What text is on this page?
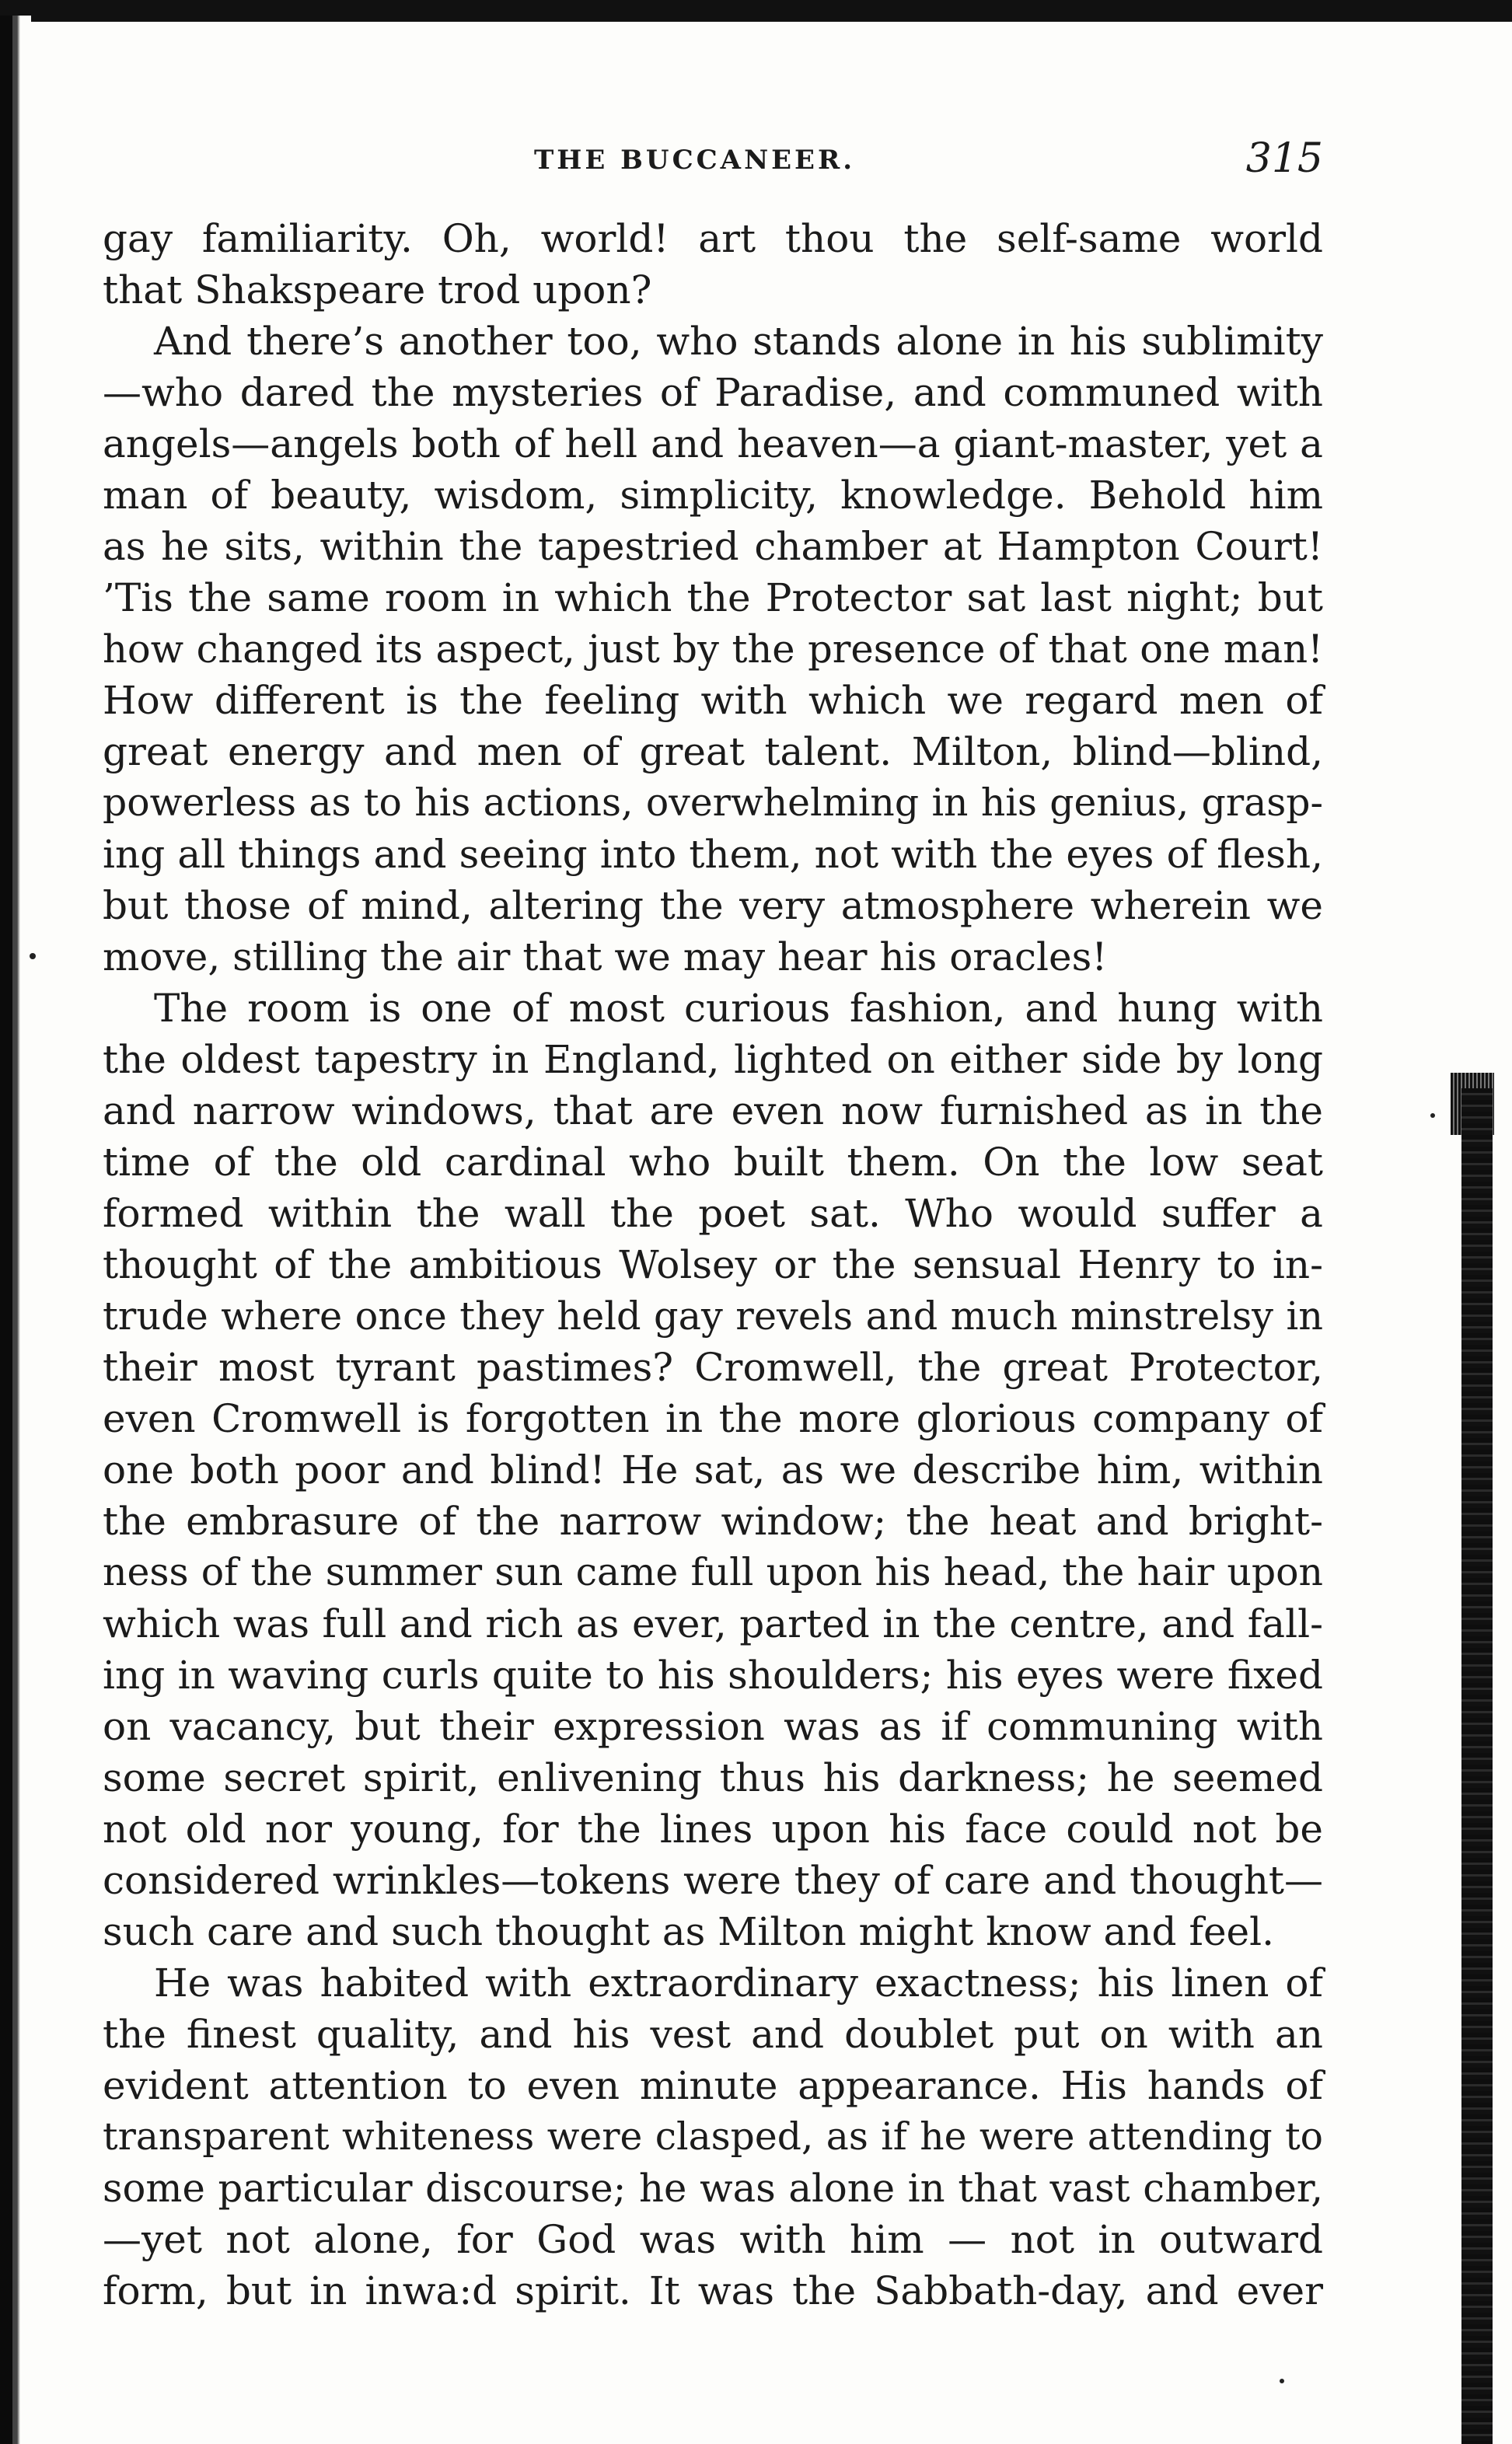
THE BUCCANEER.	315
gay familiarity. Oh, world! art thou the self-same world
that Shakspeare trod upon?
And there’s another too, who stands alone in his sublimity
—who dared the mysteries of Paradise, and communed with
angels—angels both of hell and heaven—a giant-master, yet a
man of beauty, wisdom, simplicity, knowledge. Behold him
as he sits, within the tapestried chamber at Hampton Court!
’Tis the same room in which the Protector sat last night; but
how changed its aspect, just by the presence of that one man!
How different is the feeling with which we regard men of
great energy and men of great talent. Milton, blind—blind,
powerless as to his actions, overwhelming in his genius, grasp-
ing all things and seeing into them, not with the eyes of flesh,
but those of mind, altering the very atmosphere wherein we
move, stilling the air that we may hear his oracles!
The room is one of most curious fashion, and hung with
the oldest tapestry in England, lighted on either side by long
and narrow windows, that are even now furnished as in the
time of the old cardinal who built them. On the low seat
formed within the wall the poet sat. Who would suffer a
thought of the ambitious Wolsey or the sensual Henry to in-
trude where once they held gay revels and much minstrelsy in
their most tyrant pastimes? Cromwell, the great Protector,
even Cromwell is forgotten in the more glorious company of
one both poor and blind! He sat, as we describe him, within
the embrasure of the narrow window; the heat and bright-
ness of the summer sun came full upon his head, the hair upon
which was full and rich as ever, parted in the centre, and fall-
ing in waving curls quite to his shoulders; his eyes were fixed
on vacancy, but their expression was as if communing with
some secret spirit, enlivening thus his darkness; he seemed
not old nor young, for the lines upon his face could not be
considered wrinkles—tokens were they of care and thought—
such care and such thought as Milton might know and feel.
He was habited with extraordinary exactness; his linen of
the finest quality, and his vest and doublet put on with an
evident attention to even minute appearance. His hands of
transparent whiteness were clasped, as if he were attending to
some particular discourse; he was alone in that vast chamber,
—yet not alone, for God was with him — not in outward
form, but in inwa:d spirit. It was the Sabbath-day, and ever
